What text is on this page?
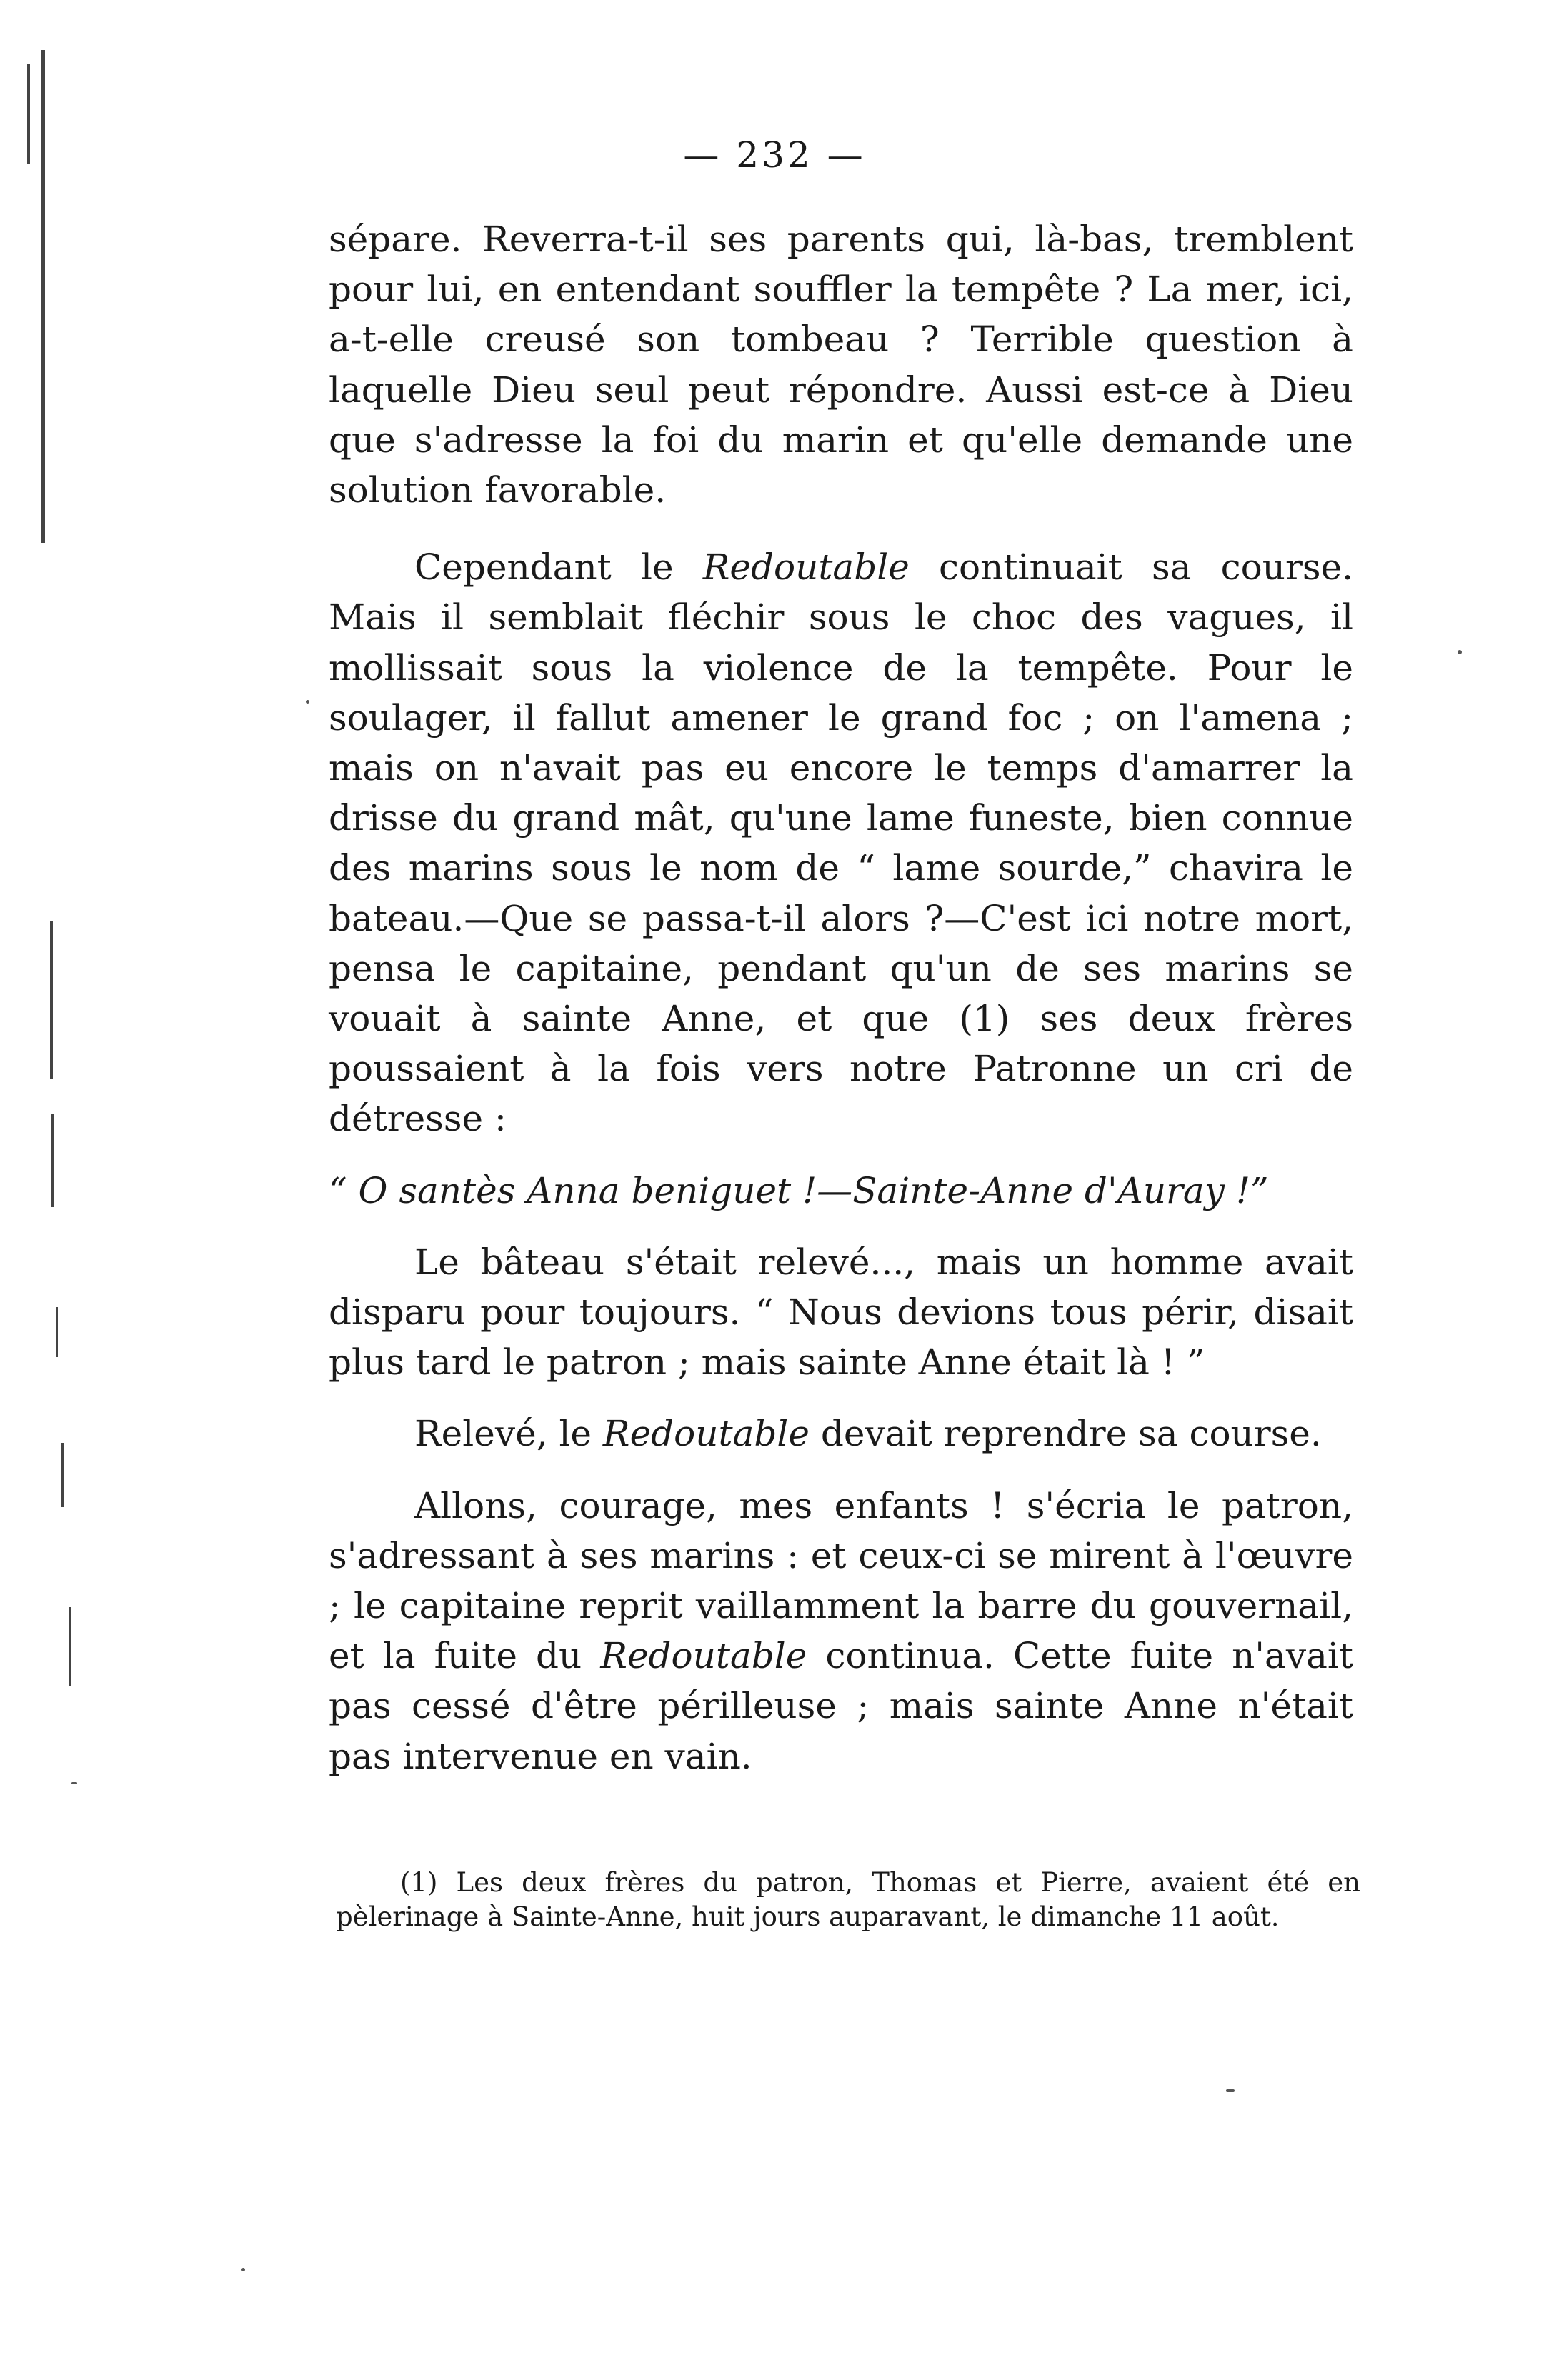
— 232 —

sépare. Reverra-t-il ses parents qui, là-bas, tremblent pour lui, en entendant souffler la tempête ? La mer, ici, a-t-elle creusé son tombeau ? Terrible question à laquelle Dieu seul peut répondre. Aussi est-ce à Dieu que s'adresse la foi du marin et qu'elle demande une solution favorable.

Cependant le Redoutable continuait sa course. Mais il semblait fléchir sous le choc des vagues, il mollissait sous la violence de la tempête. Pour le soulager, il fallut amener le grand foc ; on l'amena ; mais on n'avait pas eu encore le temps d'amarrer la drisse du grand mât, qu'une lame funeste, bien connue des marins sous le nom de “ lame sourde,” chavira le bateau.—Que se passa-t-il alors ?—C'est ici notre mort, pensa le capitaine, pendant qu'un de ses marins se vouait à sainte Anne, et que (1) ses deux frères poussaient à la fois vers notre Patronne un cri de détresse :

“ O santès Anna beniguet !—Sainte-Anne d'Auray !”

Le bâteau s'était relevé..., mais un homme avait disparu pour toujours. “ Nous devions tous périr, disait plus tard le patron ; mais sainte Anne était là ! ”

Relevé, le Redoutable devait reprendre sa course.

Allons, courage, mes enfants ! s'écria le patron, s'adressant à ses marins : et ceux-ci se mirent à l'œuvre ; le capitaine reprit vaillamment la barre du gouvernail, et la fuite du Redoutable continua. Cette fuite n'avait pas cessé d'être périlleuse ; mais sainte Anne n'était pas intervenue en vain.

(1) Les deux frères du patron, Thomas et Pierre, avaient été en pèlerinage à Sainte-Anne, huit jours auparavant, le dimanche 11 août.
